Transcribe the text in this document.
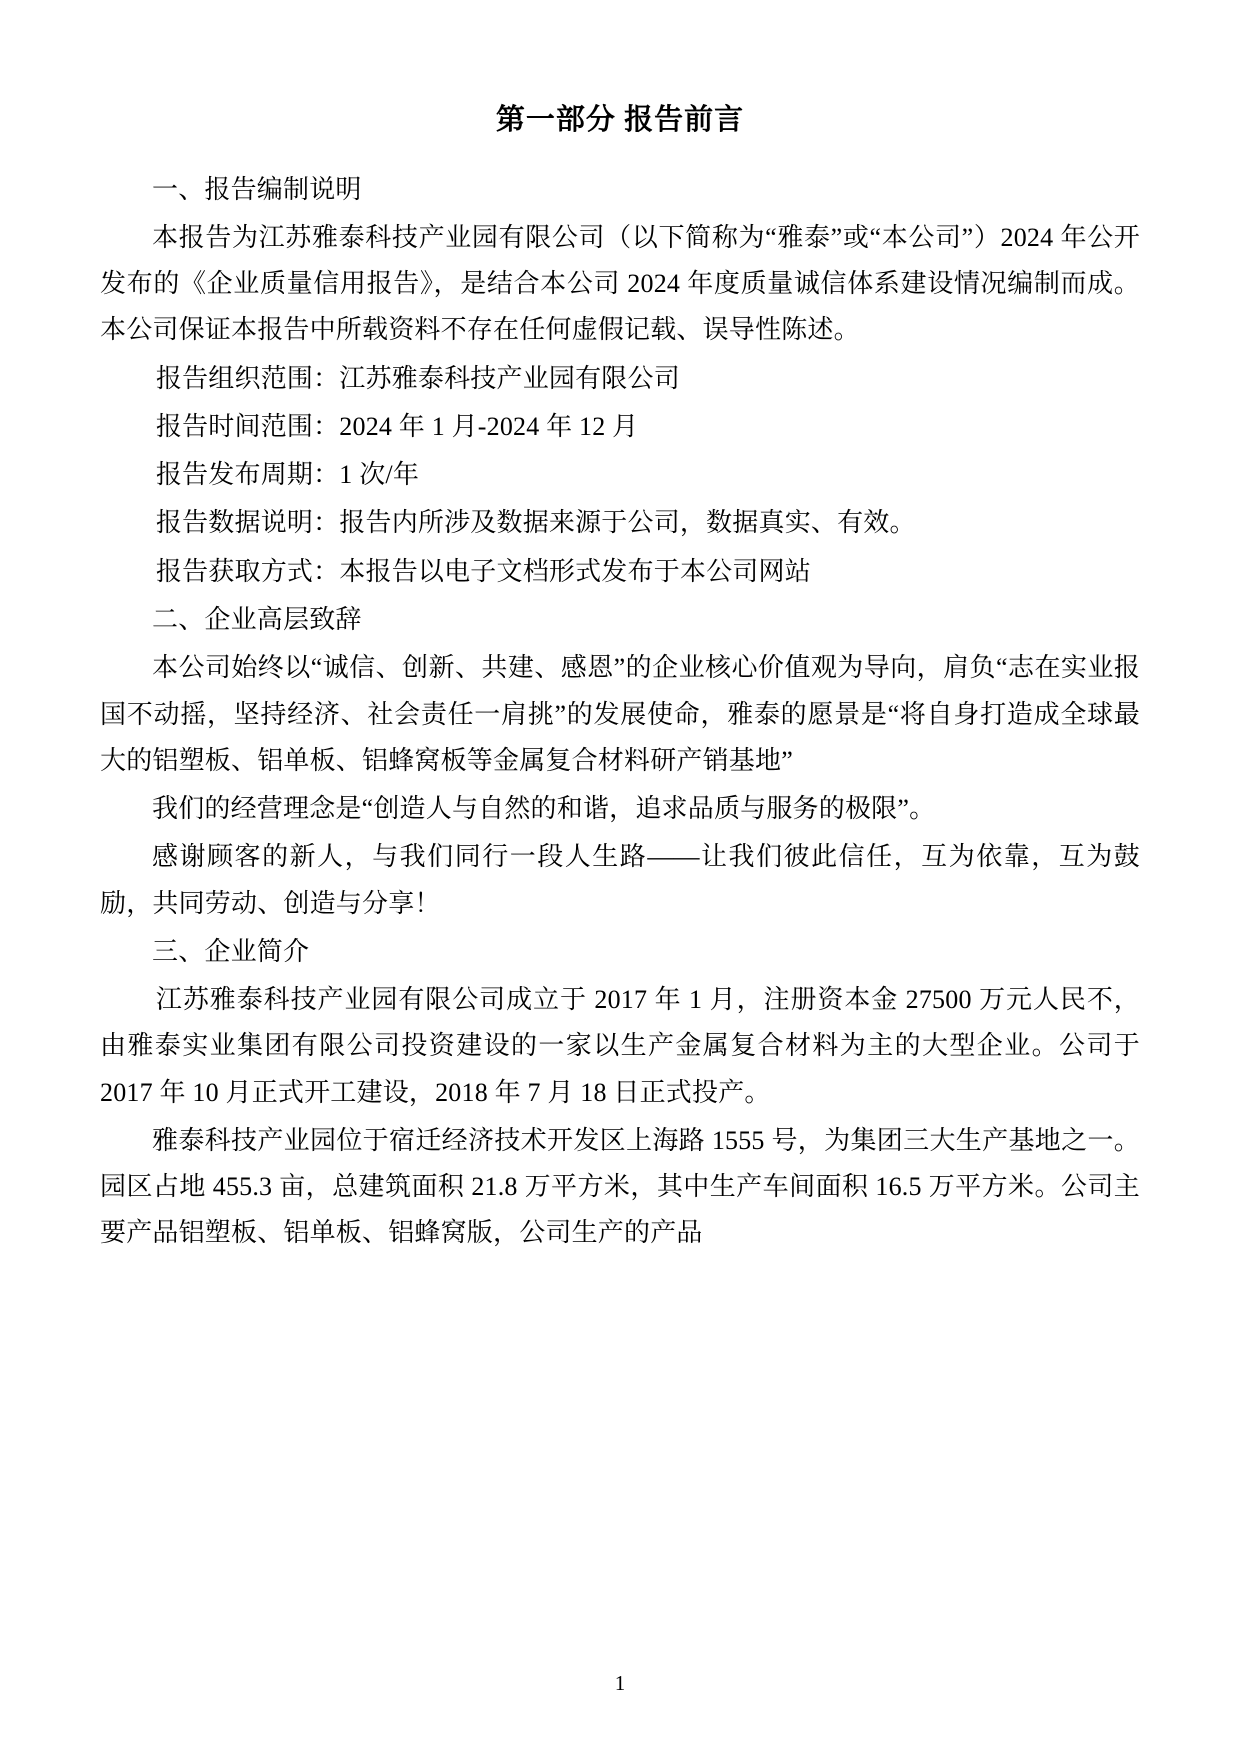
第一部分 报告前言

一、报告编制说明

本报告为江苏雅泰科技产业园有限公司（以下简称为“雅泰”或“本公司”）2024 年公开发布的《企业质量信用报告》，是结合本公司 2024 年度质量诚信体系建设情况编制而成。本公司保证本报告中所载资料不存在任何虚假记载、误导性陈述。

报告组织范围：江苏雅泰科技产业园有限公司

报告时间范围：2024 年 1 月-2024 年 12 月

报告发布周期：1 次/年

报告数据说明：报告内所涉及数据来源于公司，数据真实、有效。

报告获取方式：本报告以电子文档形式发布于本公司网站

二、企业高层致辞

本公司始终以“诚信、创新、共建、感恩”的企业核心价值观为导向，肩负“志在实业报国不动摇，坚持经济、社会责任一肩挑”的发展使命，雅泰的愿景是“将自身打造成全球最大的铝塑板、铝单板、铝蜂窝板等金属复合材料研产销基地”

我们的经营理念是“创造人与自然的和谐，追求品质与服务的极限”。

感谢顾客的新人，与我们同行一段人生路——让我们彼此信任，互为依靠，互为鼓励，共同劳动、创造与分享！

三、企业简介

江苏雅泰科技产业园有限公司成立于 2017 年 1 月，注册资本金 27500 万元人民不，由雅泰实业集团有限公司投资建设的一家以生产金属复合材料为主的大型企业。公司于 2017 年 10 月正式开工建设，2018 年 7 月 18 日正式投产。

雅泰科技产业园位于宿迁经济技术开发区上海路 1555 号，为集团三大生产基地之一。园区占地 455.3 亩，总建筑面积 21.8 万平方米，其中生产车间面积 16.5 万平方米。公司主要产品铝塑板、铝单板、铝蜂窝版，公司生产的产品

1
